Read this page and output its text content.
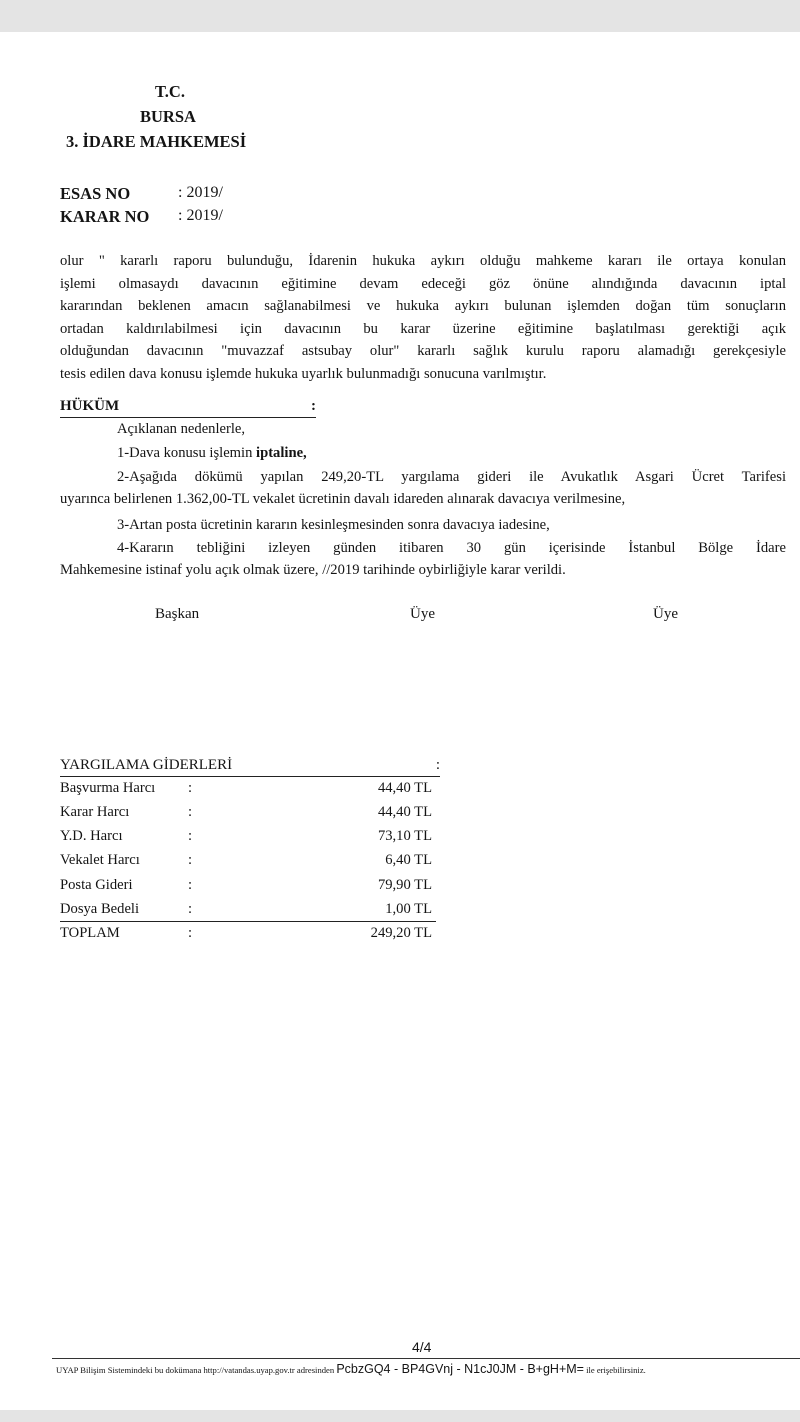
T.C.
BURSA
3. İDARE MAHKEMESİ
ESAS NO	: 2019/
KARAR NO : 2019/
olur " kararlı raporu bulunduğu, İdarenin hukuka aykırı olduğu mahkeme kararı ile ortaya konulan
işlemi olmasaydı davacının eğitimine devam edeceği göz önüne alındığında davacının iptal
kararından beklenen amacın sağlanabilmesi ve hukuka aykırı bulunan işlemden doğan tüm sonuçların
ortadan kaldırılabilmesi için davacının bu karar üzerine eğitimine başlatılması gerektiği açık
olduğundan davacının "muvazzaf astsubay olur" kararlı sağlık kurulu raporu alamadığı gerekçesiyle
tesis edilen dava konusu işlemde hukuka uyarlık bulunmadığı sonucuna varılmıştır.
HÜKÜM	:
Açıklanan nedenlerle,
1-Dava konusu işlemin iptaline,
2-Aşağıda dökümü yapılan 249,20-TL yargılama gideri ile Avukatlık Asgari Ücret Tarifesi
uyarınca belirlenen 1.362,00-TL vekalet ücretinin davalı idareden alınarak davacıya verilmesine,
3-Artan posta ücretinin kararın kesinleşmesinden sonra davacıya iadesine,
4-Kararın tebliğini izleyen günden itibaren 30 gün içerisinde İstanbul Bölge İdare
Mahkemesine istinaf yolu açık olmak üzere, //2019 tarihinde oybirliğiyle karar verildi.
Başkan	Üye	Üye
YARGILAMA GİDERLERİ	:
Başvurma Harcı :	44,40 TL
Karar Harcı	:	44,40 TL
Y.D. Harcı	:	73,10 TL
Vekalet Harcı	:	6,40 TL
Posta Gideri	:	79,90 TL
Dosya Bedeli	:	1,00 TL
TOPLAM	:	249,20 TL
4/4
UYAP Bilişim Sistemindeki bu dokümana http://vatandas.uyap.gov.tr adresinden PcbzGQ4 - BP4GVnj - N1cJ0JM - B+gH+M= ile erişebilirsiniz.
